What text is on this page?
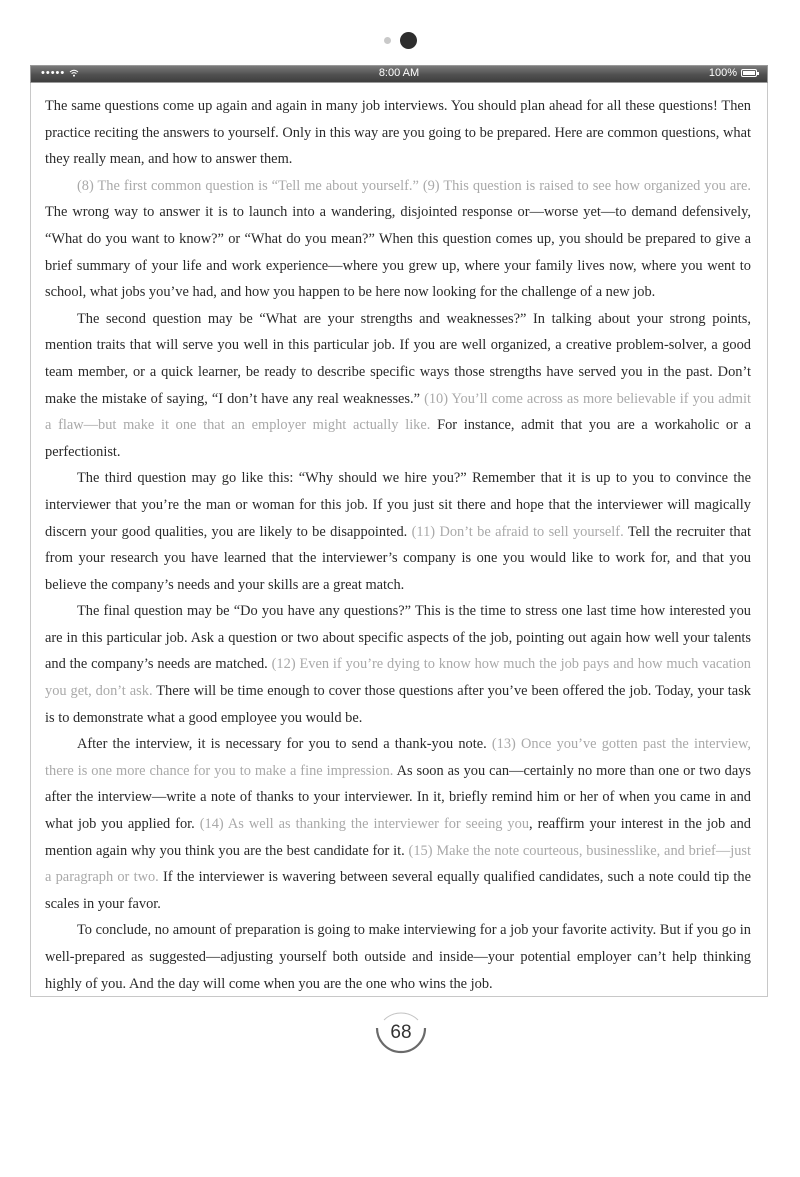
•••••	8:00 AM	100%

The same questions come up again and again in many job interviews. You should plan ahead for all these questions! Then practice reciting the answers to yourself. Only in this way are you going to be prepared. Here are common questions, what they really mean, and how to answer them.

(8) The first common question is “Tell me about yourself.” (9) This question is raised to see how organized you are. The wrong way to answer it is to launch into a wandering, disjointed response or—worse yet—to demand defensively, “What do you want to know?” or “What do you mean?” When this question comes up, you should be prepared to give a brief summary of your life and work experience—where you grew up, where your family lives now, where you went to school, what jobs you’ve had, and how you happen to be here now looking for the challenge of a new job.

The second question may be “What are your strengths and weaknesses?” In talking about your strong points, mention traits that will serve you well in this particular job. If you are well organized, a creative problem-solver, a good team member, or a quick learner, be ready to describe specific ways those strengths have served you in the past. Don’t make the mistake of saying, “I don’t have any real weaknesses.” (10) You’ll come across as more believable if you admit a flaw—but make it one that an employer might actually like. For instance, admit that you are a workaholic or a perfectionist.

The third question may go like this: “Why should we hire you?” Remember that it is up to you to convince the interviewer that you’re the man or woman for this job. If you just sit there and hope that the interviewer will magically discern your good qualities, you are likely to be disappointed. (11) Don’t be afraid to sell yourself. Tell the recruiter that from your research you have learned that the interviewer’s company is one you would like to work for, and that you believe the company’s needs and your skills are a great match.

The final question may be “Do you have any questions?” This is the time to stress one last time how interested you are in this particular job. Ask a question or two about specific aspects of the job, pointing out again how well your talents and the company’s needs are matched. (12) Even if you’re dying to know how much the job pays and how much vacation you get, don’t ask. There will be time enough to cover those questions after you’ve been offered the job. Today, your task is to demonstrate what a good employee you would be.

After the interview, it is necessary for you to send a thank-you note. (13) Once you’ve gotten past the interview, there is one more chance for you to make a fine impression. As soon as you can—certainly no more than one or two days after the interview—write a note of thanks to your interviewer. In it, briefly remind him or her of when you came in and what job you applied for. (14) As well as thanking the interviewer for seeing you, reaffirm your interest in the job and mention again why you think you are the best candidate for it. (15) Make the note courteous, businesslike, and brief—just a paragraph or two. If the interviewer is wavering between several equally qualified candidates, such a note could tip the scales in your favor.

To conclude, no amount of preparation is going to make interviewing for a job your favorite activity. But if you go in well-prepared as suggested—adjusting yourself both outside and inside—your potential employer can’t help thinking highly of you. And the day will come when you are the one who wins the job.

68
